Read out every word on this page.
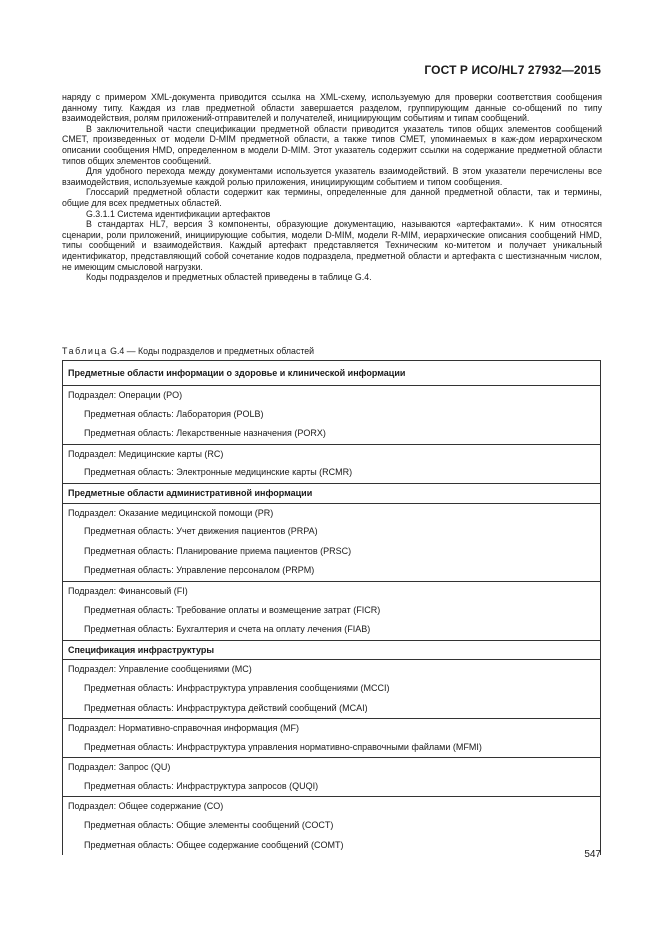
ГОСТ Р ИСО/HL7 27932—2015

наряду с примером XML-документа приводится ссылка на XML-схему, используемую для проверки соответствия сообщения данному типу. Каждая из глав предметной области завершается разделом, группирующим данные со-общений по типу взаимодействия, ролям приложений-отправителей и получателей, инициирующим событиям и типам сообщений.

В заключительной части спецификации предметной области приводится указатель типов общих элементов сообщений CMET, произведенных от модели D-MIM предметной области, а также типов CMET, упоминаемых в каж-дом иерархическом описании сообщения HMD, определенном в модели D-MIM. Этот указатель содержит ссылки на содержание предметной области типов общих элементов сообщений.

Для удобного перехода между документами используется указатель взаимодействий. В этом указатели перечислены все взаимодействия, используемые каждой ролью приложения, инициирующим событием и типом сообщения.

Глоссарий предметной области содержит как термины, определенные для данной предметной области, так и термины, общие для всех предметных областей.

G.3.1.1 Система идентификации артефактов

В стандартах HL7, версия 3 компоненты, образующие документацию, называются «артефактами». К ним относятся сценарии, роли приложений, инициирующие события, модели D-MIM, модели R-MIM, иерархические описания сообщений HMD, типы сообщений и взаимодействия. Каждый артефакт представляется Техническим ко-митетом и получает уникальный идентификатор, представляющий собой сочетание кодов подраздела, предметной области и артефакта с шестизначным числом, не имеющим смысловой нагрузки.

Коды подразделов и предметных областей приведены в таблице G.4.

Таблица G.4 — Коды подразделов и предметных областей
Предметные области информации о здоровье и клинической информации
Подраздел: Операции (PO)
Предметная область: Лаборатория (POLB)
Предметная область: Лекарственные назначения (PORX)
Подраздел: Медицинские карты (RC)
Предметная область: Электронные медицинские карты (RCMR)
Предметные области административной информации
Подраздел: Оказание медицинской помощи (PR)
Предметная область: Учет движения пациентов (PRPA)
Предметная область: Планирование приема пациентов (PRSC)
Предметная область: Управление персоналом (PRPM)
Подраздел: Финансовый (FI)
Предметная область: Требование оплаты и возмещение затрат (FICR)
Предметная область: Бухгалтерия и счета на оплату лечения (FIAB)
Спецификация инфраструктуры
Подраздел: Управление сообщениями (MC)
Предметная область: Инфраструктура управления сообщениями (MCCI)
Предметная область: Инфраструктура действий сообщений (MCAI)
Подраздел: Нормативно-справочная информация (MF)
Предметная область: Инфраструктура управления нормативно-справочными файлами (MFMI)
Подраздел: Запрос (QU)
Предметная область: Инфраструктура запросов (QUQI)
Подраздел: Общее содержание (CO)
Предметная область: Общие элементы сообщений (COCT)
Предметная область: Общее содержание сообщений (COMT)
547
